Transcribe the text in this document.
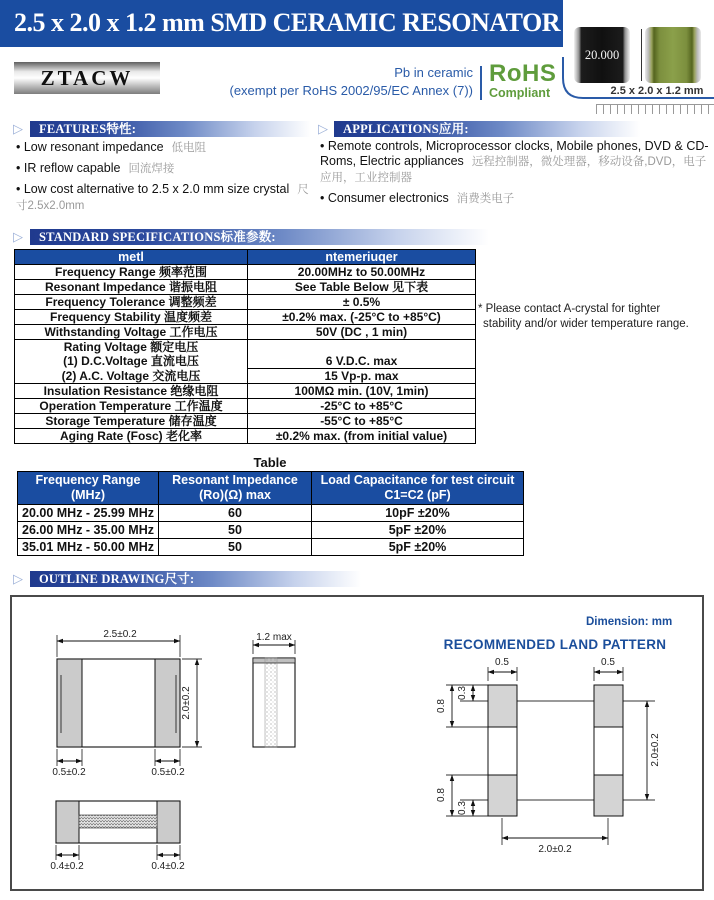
2.5 x 2.0 x 1.2 mm SMD CERAMIC RESONATOR
20.000
2.5 x 2.0 x 1.2 mm
ZTACW	Pb in ceramic
(exempt per RoHS 2002/95/EC Annex (7))
RoHS
Compliant
▷	FEATURES特性:
• Low resonant impedance 低电阻
• IR reflow capable 回流焊接
• Low cost alternative to 2.5 x 2.0 mm size crystal 尺寸2.5x2.0mm
▷	APPLICATIONS应用:
• Remote controls, Microprocessor clocks, Mobile phones, DVD & CD-Roms, Electric appliances 远程控制器，微处理器，移动设备,DVD，电子应用，工业控制器
• Consumer electronics 消费类电子
▷	STANDARD SPECIFICATIONS标准参数:
metl	ntemeriuqer
Frequency Range 频率范围	20.00MHz to 50.00MHz
Resonant Impedance 谐振电阻	See Table Below 见下表
Frequency Tolerance 调整频差	± 0.5%
Frequency Stability 温度频差	±0.2% max. (-25°C to +85°C)
Withstanding Voltage 工作电压	50V (DC , 1 min)
Rating Voltage 额定电压	
(1) D.C.Voltage 直流电压	6 V.D.C. max
(2) A.C. Voltage 交流电压	15 Vp-p. max
Insulation Resistance 绝缘电阻	100MΩ min. (10V, 1min)
Operation Temperature 工作温度	-25°C to +85°C
Storage Temperature 储存温度	-55°C to +85°C
Aging Rate (Fosc) 老化率	±0.2% max. (from initial value)
* Please contact A-crystal for tighter
stability and/or wider temperature range.
Table
Frequency Range
(MHz)

Resonant Impedance
(Ro)(Ω) max

Load Capacitance for test circuit
C1=C2 (pF)

20.00 MHz - 25.99 MHz	60	10pF ±20%
26.00 MHz - 35.00 MHz	50	5pF ±20%
35.01 MHz - 50.00 MHz	50	5pF ±20%
▷	OUTLINE DRAWING尺寸:
Dimension: mm
RECOMMENDED LAND PATTERN
2.5±0.2
2.0±0.2
0.5±0.2	0.5±0.2
1.2 max
0.4±0.2	0.4±0.2
0.5	0.5
0.8
0.3
0.8
0.3
2.0±0.2
2.0±0.2
